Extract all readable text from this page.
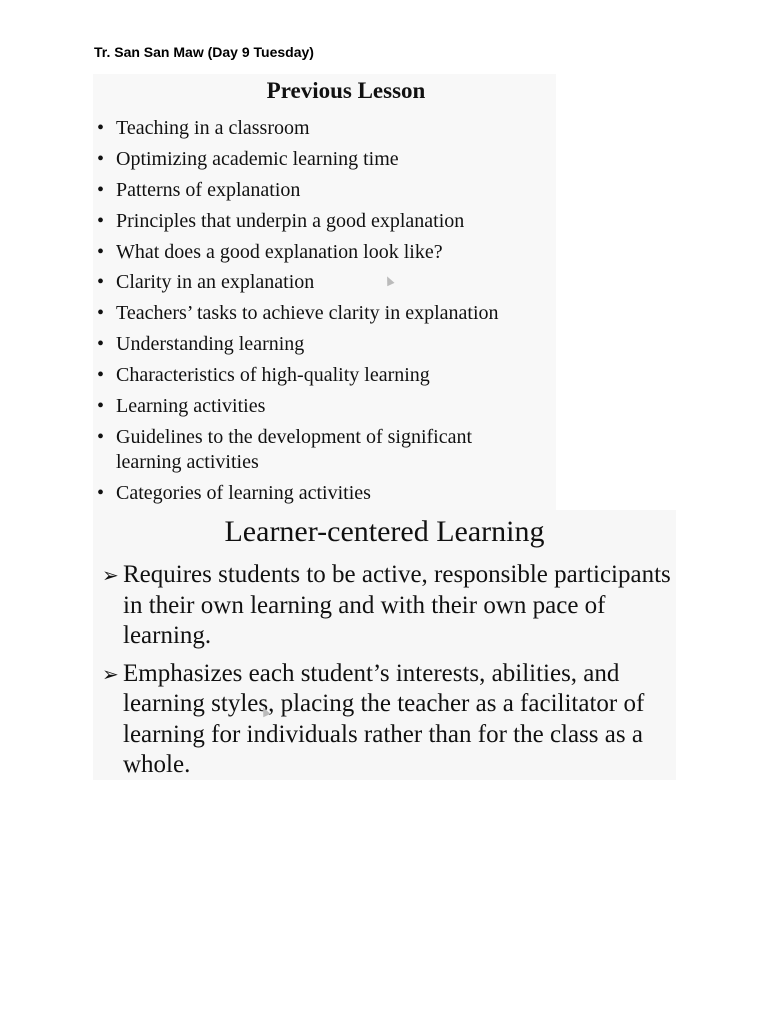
Tr. San San Maw (Day 9 Tuesday)
Previous Lesson
• Teaching in a classroom
• Optimizing academic learning time
• Patterns of explanation
• Principles that underpin a good explanation
• What does a good explanation look like?
• Clarity in an explanation
• Teachers’ tasks to achieve clarity in explanation
• Understanding learning
• Characteristics of high-quality learning
• Learning activities
• Guidelines to the development of significant learning activities
• Categories of learning activities
Learner-centered Learning
➢ Requires students to be active, responsible participants in their own learning and with their own pace of learning.
➢ Emphasizes each student’s interests, abilities, and learning styles, placing the teacher as a facilitator of learning for individuals rather than for the class as a whole.
